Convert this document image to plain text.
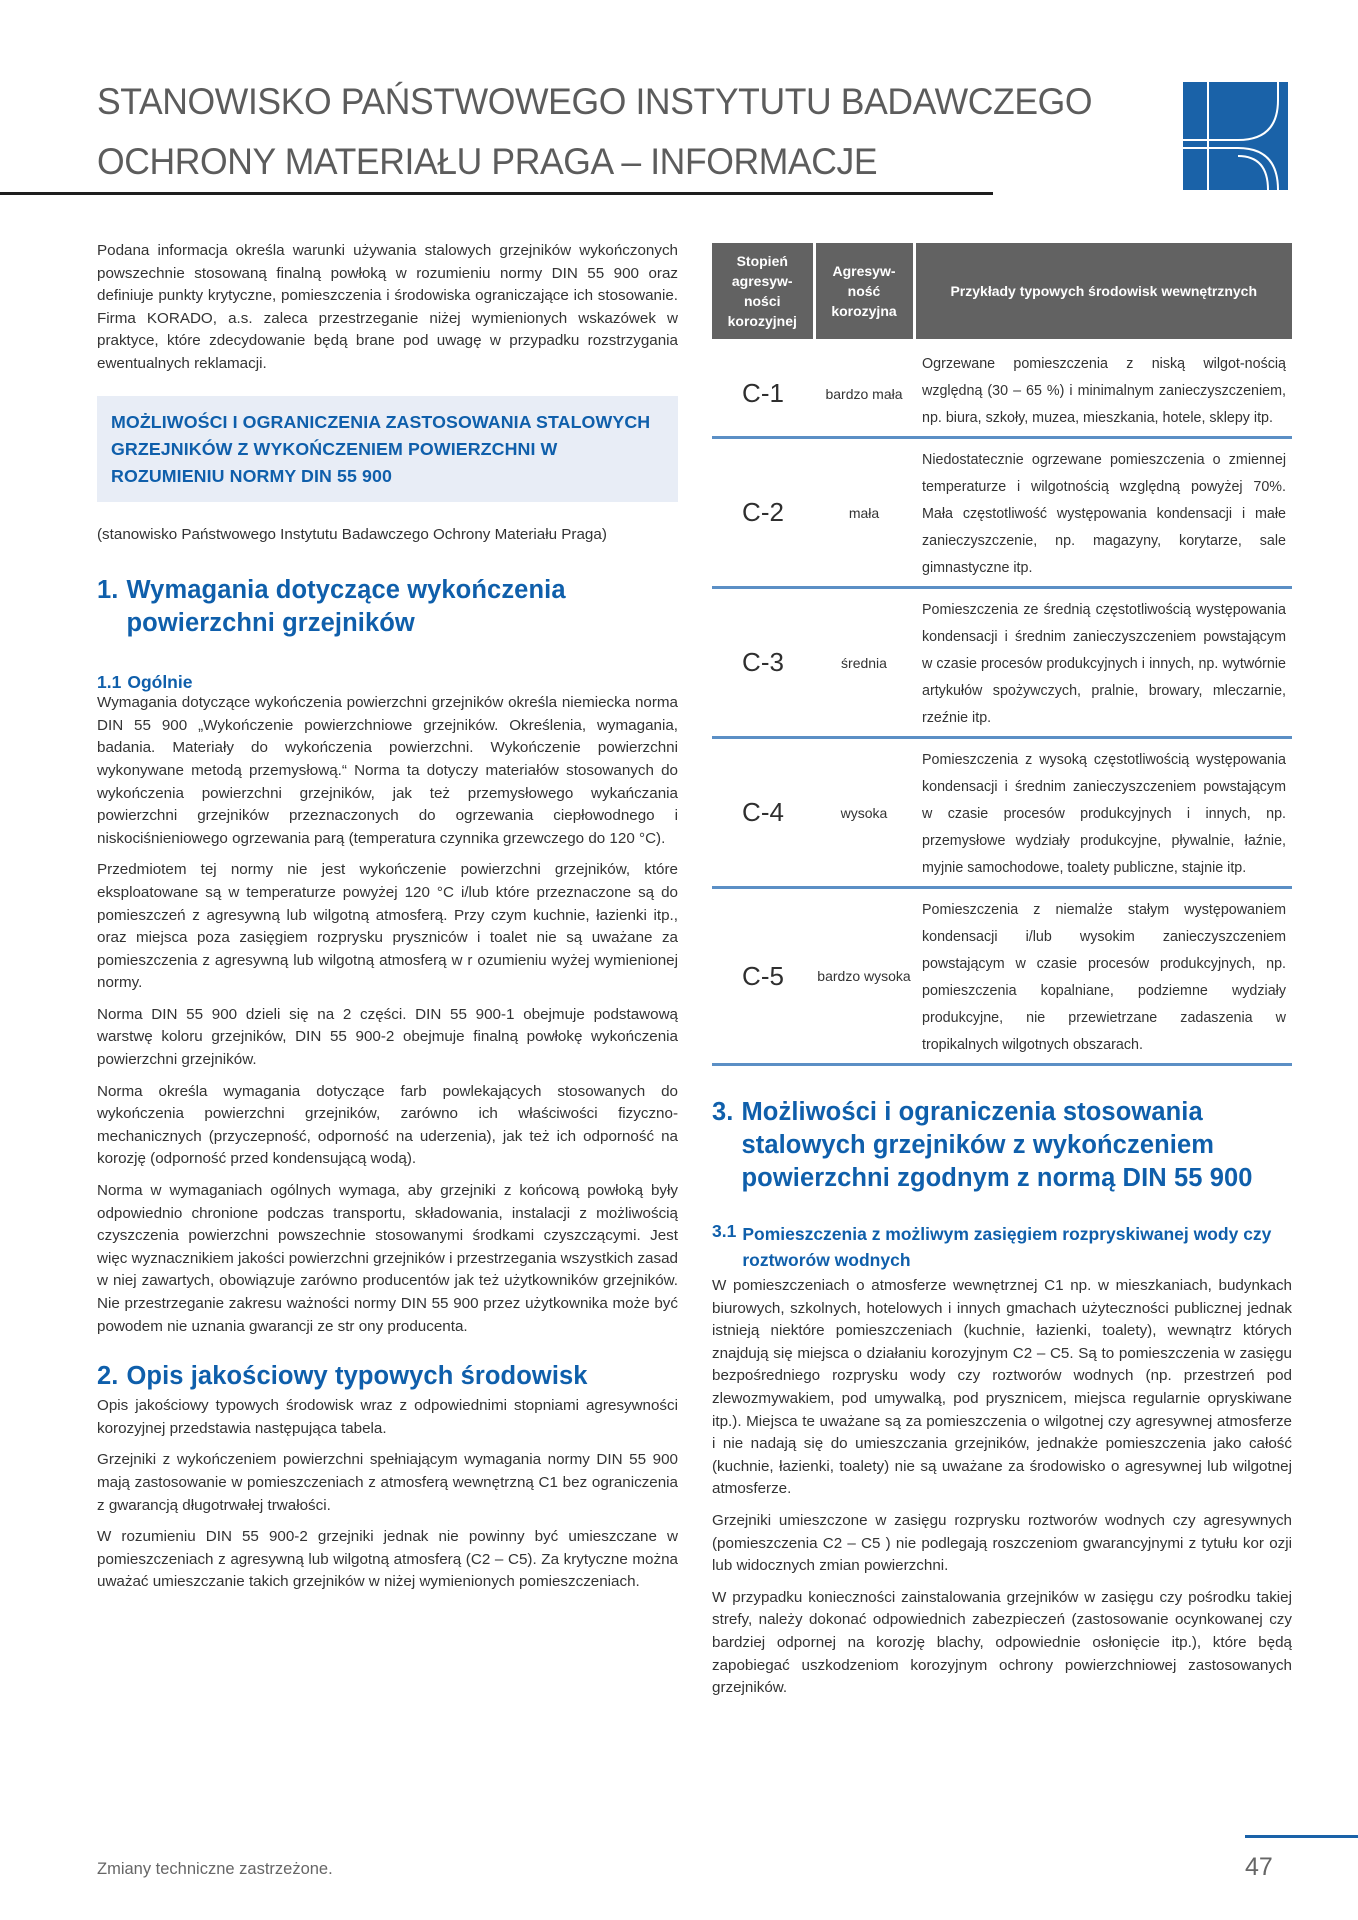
STANOWISKO PAŃSTWOWEGO INSTYTUTU BADAWCZEGO
OCHRONY MATERIAŁU PRAGA – INFORMACJE

Podana informacja określa warunki używania stalowych grzejników wykończonych powszechnie stosowaną finalną powłoką w rozumieniu normy DIN 55 900 oraz definiuje punkty krytyczne, pomieszczenia i środowiska ograniczające ich stosowanie. Firma KORADO, a.s. zaleca przestrzeganie niżej wymienionych wskazówek w praktyce, które zdecydowanie będą brane pod uwagę w przypadku rozstrzygania ewentualnych reklamacji.

MOŻLIWOŚCI I OGRANICZENIA ZASTOSOWANIA STALOWYCH GRZEJNIKÓW Z WYKOŃCZENIEM POWIERZCHNI W ROZUMIENIU NORMY DIN 55 900

(stanowisko Państwowego Instytutu Badawczego Ochrony Materiału Praga)

1. Wymagania dotyczące wykończenia powierzchni grzejników
1.1 Ogólnie

Wymagania dotyczące wykończenia powierzchni grzejników określa niemiecka norma DIN 55 900 „Wykończenie powierzchniowe grzejników. Określenia, wymagania, badania. Materiały do wykończenia powierzchni. Wykończenie powierzchni wykonywane metodą przemysłową.“ Norma ta dotyczy materiałów stosowanych do wykończenia powierzchni grzejników, jak też przemysłowego wykańczania powierzchni grzejników przeznaczonych do ogrzewania ciepłowodnego i niskociśnieniowego ogrzewania parą (temperatura czynnika grzewczego do 120 °C).

Przedmiotem tej normy nie jest wykończenie powierzchni grzejników, które eksploatowane są w temperaturze powyżej 120 °C i/lub które przeznaczone są do pomieszczeń z agresywną lub wilgotną atmosferą. Przy czym kuchnie, łazienki itp., oraz miejsca poza zasięgiem rozprysku pryszniców i toalet nie są uważane za pomieszczenia z agresywną lub wilgotną atmosferą w r ozumieniu wyżej wymienionej normy.

Norma DIN 55 900 dzieli się na 2 części. DIN 55 900-1 obejmuje podstawową warstwę koloru grzejników, DIN 55 900-2 obejmuje finalną powłokę wykończenia powierzchni grzejników.

Norma określa wymagania dotyczące farb powlekających stosowanych do wykończenia powierzchni grzejników, zarówno ich właściwości fizyczno-mechanicznych (przyczepność, odporność na uderzenia), jak też ich odporność na korozję (odporność przed kondensującą wodą).

Norma w wymaganiach ogólnych wymaga, aby grzejniki z końcową powłoką były odpowiednio chronione podczas transportu, składowania, instalacji z możliwością czyszczenia powierzchni powszechnie stosowanymi środkami czyszczącymi. Jest więc wyznacznikiem jakości powierzchni grzejników i przestrzegania wszystkich zasad w niej zawartych, obowiązuje zarówno producentów jak też użytkowników grzejników. Nie przestrzeganie zakresu ważności normy DIN 55 900 przez użytkownika może być powodem nie uznania gwarancji ze str ony producenta.

2. Opis jakościowy typowych środowisk

Opis jakościowy typowych środowisk wraz z odpowiednimi stopniami agresywności korozyjnej przedstawia następująca tabela.

Grzejniki z wykończeniem powierzchni spełniającym wymagania normy DIN 55 900 mają zastosowanie w pomieszczeniach z atmosferą wewnętrzną C1 bez ograniczenia z gwarancją długotrwałej trwałości.

W rozumieniu DIN 55 900-2 grzejniki jednak nie powinny być umieszczane w pomieszczeniach z agresywną lub wilgotną atmosferą (C2 – C5). Za krytyczne można uważać umieszczanie takich grzejników w niżej wymienionych pomieszczeniach.

Stopień agresyw-ności korozyjnej	Agresyw-ność korozyjna	Przykłady typowych środowisk wewnętrznych
C-1	bardzo mała	Ogrzewane pomieszczenia z niską wilgot-nością względną (30 – 65 %) i minimalnym zanieczyszczeniem, np. biura, szkoły, muzea, mieszkania, hotele, sklepy itp.
C-2	mała	Niedostatecznie ogrzewane pomieszczenia o zmiennej temperaturze i wilgotnością względną powyżej 70%. Mała częstotliwość występowania kondensacji i małe zanieczyszczenie, np. magazyny, korytarze, sale gimnastyczne itp.
C-3	średnia	Pomieszczenia ze średnią częstotliwością występowania kondensacji i średnim zanieczyszczeniem powstającym w czasie procesów produkcyjnych i innych, np. wytwórnie artykułów spożywczych, pralnie, browary, mleczarnie, rzeźnie itp.
C-4	wysoka	Pomieszczenia z wysoką częstotliwością występowania kondensacji i średnim zanieczyszczeniem powstającym w czasie procesów produkcyjnych i innych, np. przemysłowe wydziały produkcyjne, pływalnie, łaźnie, myjnie samochodowe, toalety publiczne, stajnie itp.
C-5	bardzo wysoka	Pomieszczenia z niemalże stałym występowaniem kondensacji i/lub wysokim zanieczyszczeniem powstającym w czasie procesów produkcyjnych, np. pomieszczenia kopalniane, podziemne wydziały produkcyjne, nie przewietrzane zadaszenia w tropikalnych wilgotnych obszarach.
3. Możliwości i ograniczenia stosowania stalowych grzejników z wykończeniem powierzchni zgodnym z normą DIN 55 900
3.1 Pomieszczenia z możliwym zasięgiem rozpryskiwanej wody czy roztworów wodnych

W pomieszczeniach o atmosferze wewnętrznej C1 np. w mieszkaniach, budynkach biurowych, szkolnych, hotelowych i innych gmachach użyteczności publicznej jednak istnieją niektóre pomieszczeniach (kuchnie, łazienki, toalety), wewnątrz których znajdują się miejsca o działaniu korozyjnym C2 – C5. Są to pomieszczenia w zasięgu bezpośredniego rozprysku wody czy roztworów wodnych (np. przestrzeń pod zlewozmywakiem, pod umywalką, pod prysznicem, miejsca regularnie opryskiwane itp.). Miejsca te uważane są za pomieszczenia o wilgotnej czy agresywnej atmosferze i nie nadają się do umieszczania grzejników, jednakże pomieszczenia jako całość (kuchnie, łazienki, toalety) nie są uważane za środowisko o agresywnej lub wilgotnej atmosferze.

Grzejniki umieszczone w zasięgu rozprysku roztworów wodnych czy agresywnych (pomieszczenia C2 – C5 ) nie podlegają roszczeniom gwarancyjnymi z tytułu kor ozji lub widocznych zmian powierzchni.

W przypadku konieczności zainstalowania grzejników w zasięgu czy pośrodku takiej strefy, należy dokonać odpowiednich zabezpieczeń (zastosowanie ocynkowanej czy bardziej odpornej na korozję blachy, odpowiednie osłonięcie itp.), które będą zapobiegać uszkodzeniom korozyjnym ochrony powierzchniowej zastosowanych grzejników.

Zmiany techniczne zastrzeżone.	47
